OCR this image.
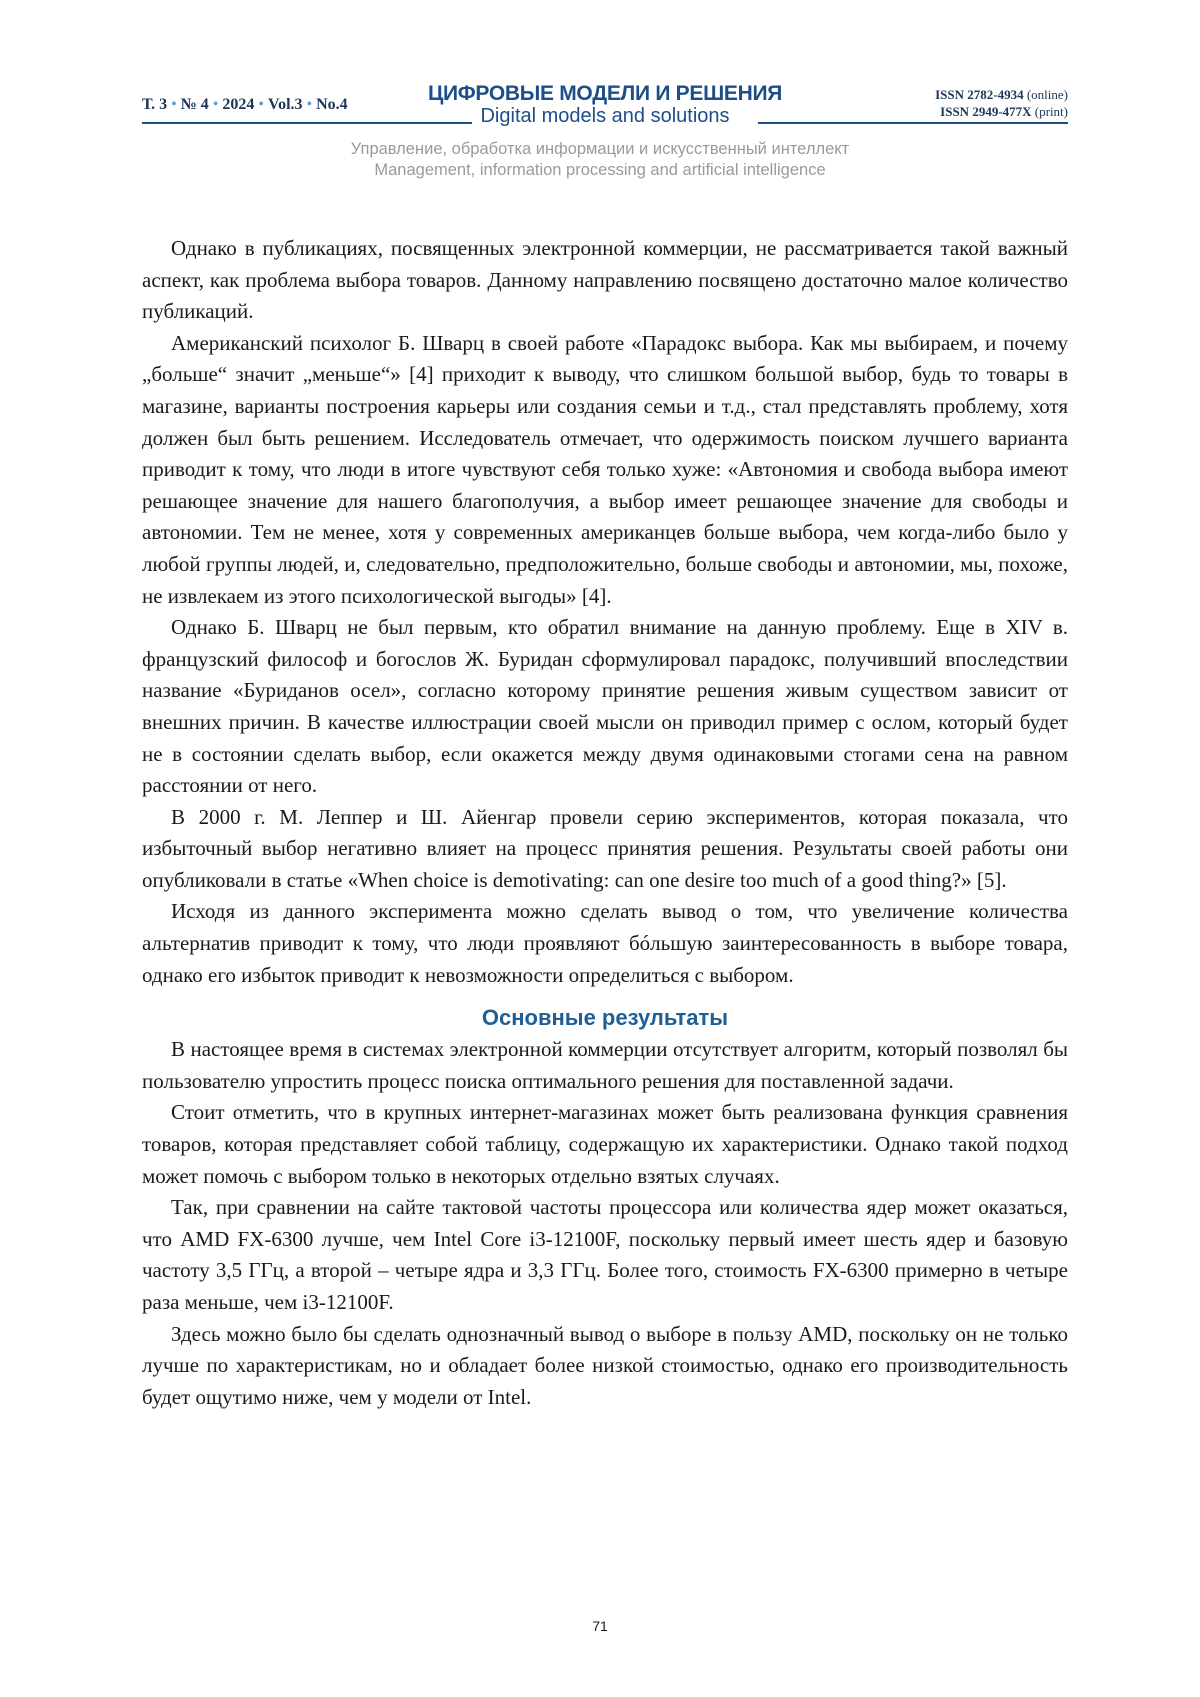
Т. 3 • № 4 • 2024 • Vol.3 • No.4	ЦИФРОВЫЕ МОДЕЛИ И РЕШЕНИЯ
Digital models and solutions
ISSN 2782-4934 (online)
ISSN 2949-477X (print)
Управление, обработка информации и искусственный интеллект
Management, information processing and artificial intelligence

Однако в публикациях, посвященных электронной коммерции, не рассматривается такой важный аспект, как проблема выбора товаров. Данному направлению посвящено достаточно малое количество публикаций.

Американский психолог Б. Шварц в своей работе «Парадокс выбора. Как мы выбираем, и почему „больше“ значит „меньше“» [4] приходит к выводу, что слишком большой выбор, будь то товары в магазине, варианты построения карьеры или создания семьи и т.д., стал представлять проблему, хотя должен был быть решением. Исследователь отмечает, что одержимость поиском лучшего варианта приводит к тому, что люди в итоге чувствуют себя только хуже: «Автономия и свобода выбора имеют решающее значение для нашего благополучия, а выбор имеет решающее значение для свободы и автономии. Тем не менее, хотя у современных американцев больше выбора, чем когда-либо было у любой группы людей, и, следовательно, предположительно, больше свободы и автономии, мы, похоже, не извлекаем из этого психологической выгоды» [4].

Однако Б. Шварц не был первым, кто обратил внимание на данную проблему. Еще в XIV в. французский философ и богослов Ж. Буридан сформулировал парадокс, получивший впоследствии название «Буриданов осел», согласно которому принятие решения живым существом зависит от внешних причин. В качестве иллюстрации своей мысли он приводил пример с ослом, который будет не в состоянии сделать выбор, если окажется между двумя одинаковыми стогами сена на равном расстоянии от него.

В 2000 г. М. Леппер и Ш. Айенгар провели серию экспериментов, которая показала, что избыточный выбор негативно влияет на процесс принятия решения. Результаты своей работы они опубликовали в статье «When choice is demotivating: can one desire too much of a good thing?» [5].

Исходя из данного эксперимента можно сделать вывод о том, что увеличение количества альтернатив приводит к тому, что люди проявляют бóльшую заинтересованность в выборе товара, однако его избыток приводит к невозможности определиться с выбором.

Основные результаты

В настоящее время в системах электронной коммерции отсутствует алгоритм, который позволял бы пользователю упростить процесс поиска оптимального решения для поставленной задачи.

Стоит отметить, что в крупных интернет-магазинах может быть реализована функция сравнения товаров, которая представляет собой таблицу, содержащую их характеристики. Однако такой подход может помочь с выбором только в некоторых отдельно взятых случаях.

Так, при сравнении на сайте тактовой частоты процессора или количества ядер может оказаться, что AMD FX-6300 лучше, чем Intel Core i3-12100F, поскольку первый имеет шесть ядер и базовую частоту 3,5 ГГц, а второй – четыре ядра и 3,3 ГГц. Более того, стоимость FX-6300 примерно в четыре раза меньше, чем i3-12100F.

Здесь можно было бы сделать однозначный вывод о выборе в пользу AMD, поскольку он не только лучше по характеристикам, но и обладает более низкой стоимостью, однако его производительность будет ощутимо ниже, чем у модели от Intel.

71
